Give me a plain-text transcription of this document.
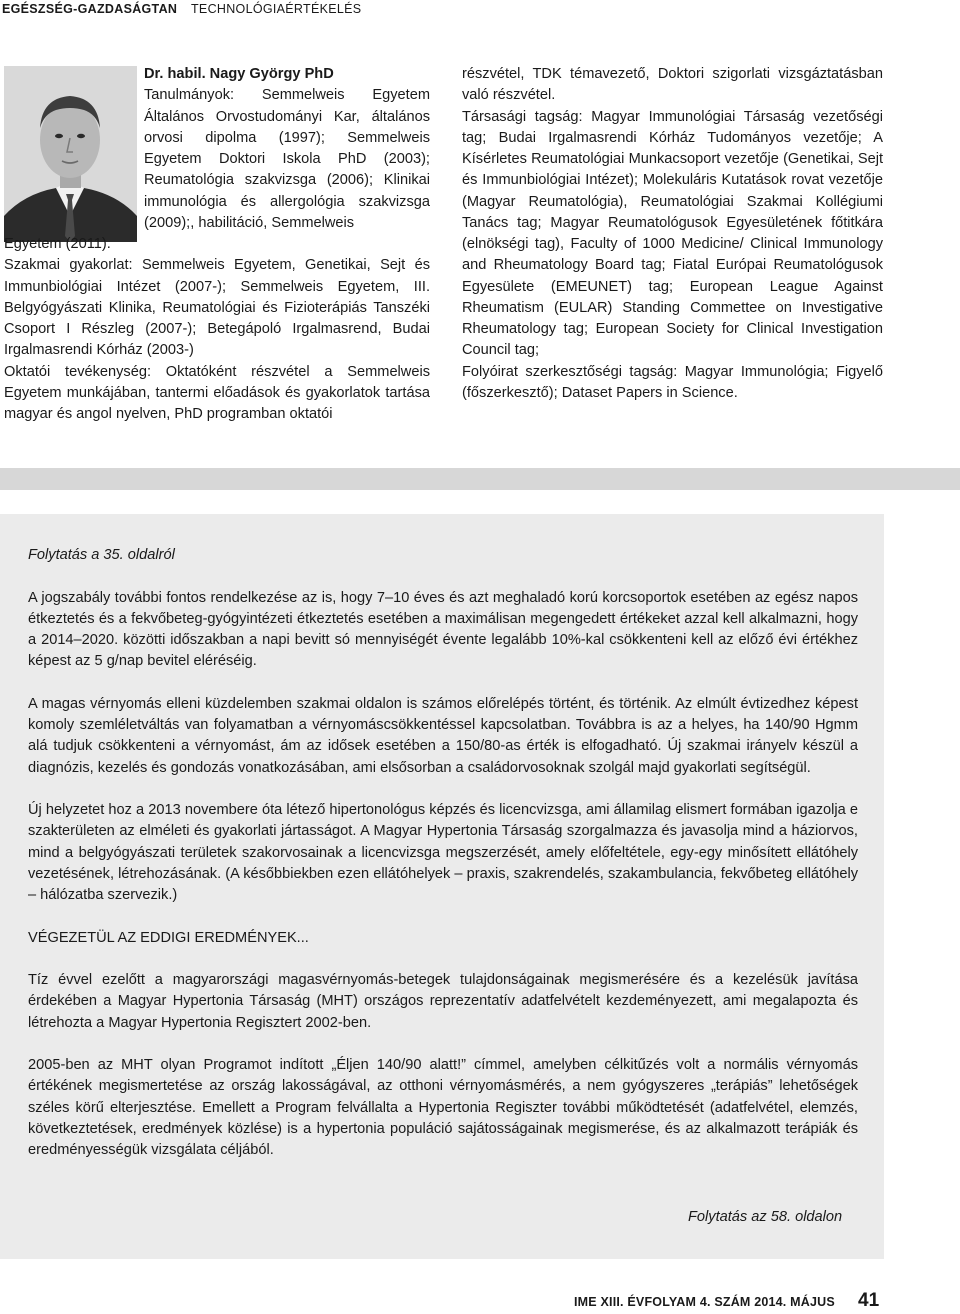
EGÉSZSÉG-GAZDASÁGTAN TECHNOLÓGIAÉRTÉKELÉS
Dr. habil. Nagy György PhD

Tanulmányok: Semmelweis Egyetem Általános Orvostudományi Kar, általános orvosi dipolma (1997); Semmelweis Egyetem Doktori Iskola PhD (2003); Reumatológia szakvizsga (2006); Klinikai immunológia és allergológia szakvizsga (2009);, habilitáció, Semmelweis

Egyetem (2011).

Szakmai gyakorlat: Semmelweis Egyetem, Genetikai, Sejt és Immunbiológiai Intézet (2007-); Semmelweis Egyetem, III. Belgyógyászati Klinika, Reumatológiai és Fizioterápiás Tanszéki Csoport I Részleg (2007-); Betegápoló Irgalmasrend, Budai Irgalmasrendi Kórház (2003-)

Oktatói tevékenység: Oktatóként részvétel a Semmelweis Egyetem munkájában, tantermi előadások és gyakorlatok tartása magyar és angol nyelven, PhD programban oktatói

részvétel, TDK témavezető, Doktori szigorlati vizsgáztatásban való részvétel.

Társasági tagság: Magyar Immunológiai Társaság vezetőségi tag; Budai Irgalmasrendi Kórház Tudományos vezetője; A Kísérletes Reumatológiai Munkacsoport vezetője (Genetikai, Sejt és Immunbiológiai Intézet); Molekuláris Kutatások rovat vezetője (Magyar Reumatológia), Reumatológiai Szakmai Kollégiumi Tanács tag; Magyar Reumatológusok Egyesületének főtitkára (elnökségi tag), Faculty of 1000 Medicine/ Clinical Immunology and Rheumatology Board tag; Fiatal Európai Reumatológusok Egyesülete (EMEUNET) tag; European League Against Rheumatism (EULAR) Standing Commettee on Investigative Rheumatology tag; European Society for Clinical Investigation Council tag;

Folyóirat szerkesztőségi tagság: Magyar Immunológia; Figyelő (főszerkesztő); Dataset Papers in Science.

Folytatás a 35. oldalról

A jogszabály további fontos rendelkezése az is, hogy 7–10 éves és azt meghaladó korú korcsoportok esetében az egész napos étkeztetés és a fekvőbeteg-gyógyintézeti étkeztetés esetében a maximálisan megengedett értékeket azzal kell alkalmazni, hogy a 2014–2020. közötti időszakban a napi bevitt só mennyiségét évente legalább 10%-kal csökkenteni kell az előző évi értékhez képest az 5 g/nap bevitel eléréséig.

A magas vérnyomás elleni küzdelemben szakmai oldalon is számos előrelépés történt, és történik. Az elmúlt évtizedhez képest komoly szemléletváltás van folyamatban a vérnyomáscsökkentéssel kapcsolatban. Továbbra is az a helyes, ha 140/90 Hgmm alá tudjuk csökkenteni a vérnyomást, ám az idősek esetében a 150/80-as érték is elfogadható. Új szakmai irányelv készül a diagnózis, kezelés és gondozás vonatkozásában, ami elsősorban a családorvosoknak szolgál majd gyakorlati segítségül.

Új helyzetet hoz a 2013 novembere óta létező hipertonológus képzés és licencvizsga, ami államilag elismert formában igazolja e szakterületen az elméleti és gyakorlati jártasságot. A Magyar Hypertonia Társaság szorgalmazza és javasolja mind a háziorvos, mind a belgyógyászati területek szakorvosainak a licencvizsga megszerzését, amely előfeltétele, egy-egy minősített ellátóhely vezetésének, létrehozásának. (A későbbiekben ezen ellátóhelyek – praxis, szakrendelés, szakambulancia, fekvőbeteg ellátóhely – hálózatba szervezik.)

VÉGEZETÜL AZ EDDIGI EREDMÉNYEK...

Tíz évvel ezelőtt a magyarországi magasvérnyomás-betegek tulajdonságainak megismerésére és a kezelésük javítása érdekében a Magyar Hypertonia Társaság (MHT) országos reprezentatív adatfelvételt kezdeményezett, ami megalapozta és létrehozta a Magyar Hypertonia Regisztert 2002-ben.

2005-ben az MHT olyan Programot indított „Éljen 140/90 alatt!” címmel, amelyben célkitűzés volt a normális vérnyomás értékének megismertetése az ország lakosságával, az otthoni vérnyomásmérés, a nem gyógyszeres „terápiás” lehetőségek széles körű elterjesztése. Emellett a Program felvállalta a Hypertonia Regiszter további működtetését (adatfelvétel, elemzés, következtetések, eredmények közlése) is a hypertonia populáció sajátosságainak megismerése, és az alkalmazott terápiák és eredményességük vizsgálata céljából.

Folytatás az 58. oldalon

IME XIII. ÉVFOLYAM 4. SZÁM 2014. MÁJUS 41
